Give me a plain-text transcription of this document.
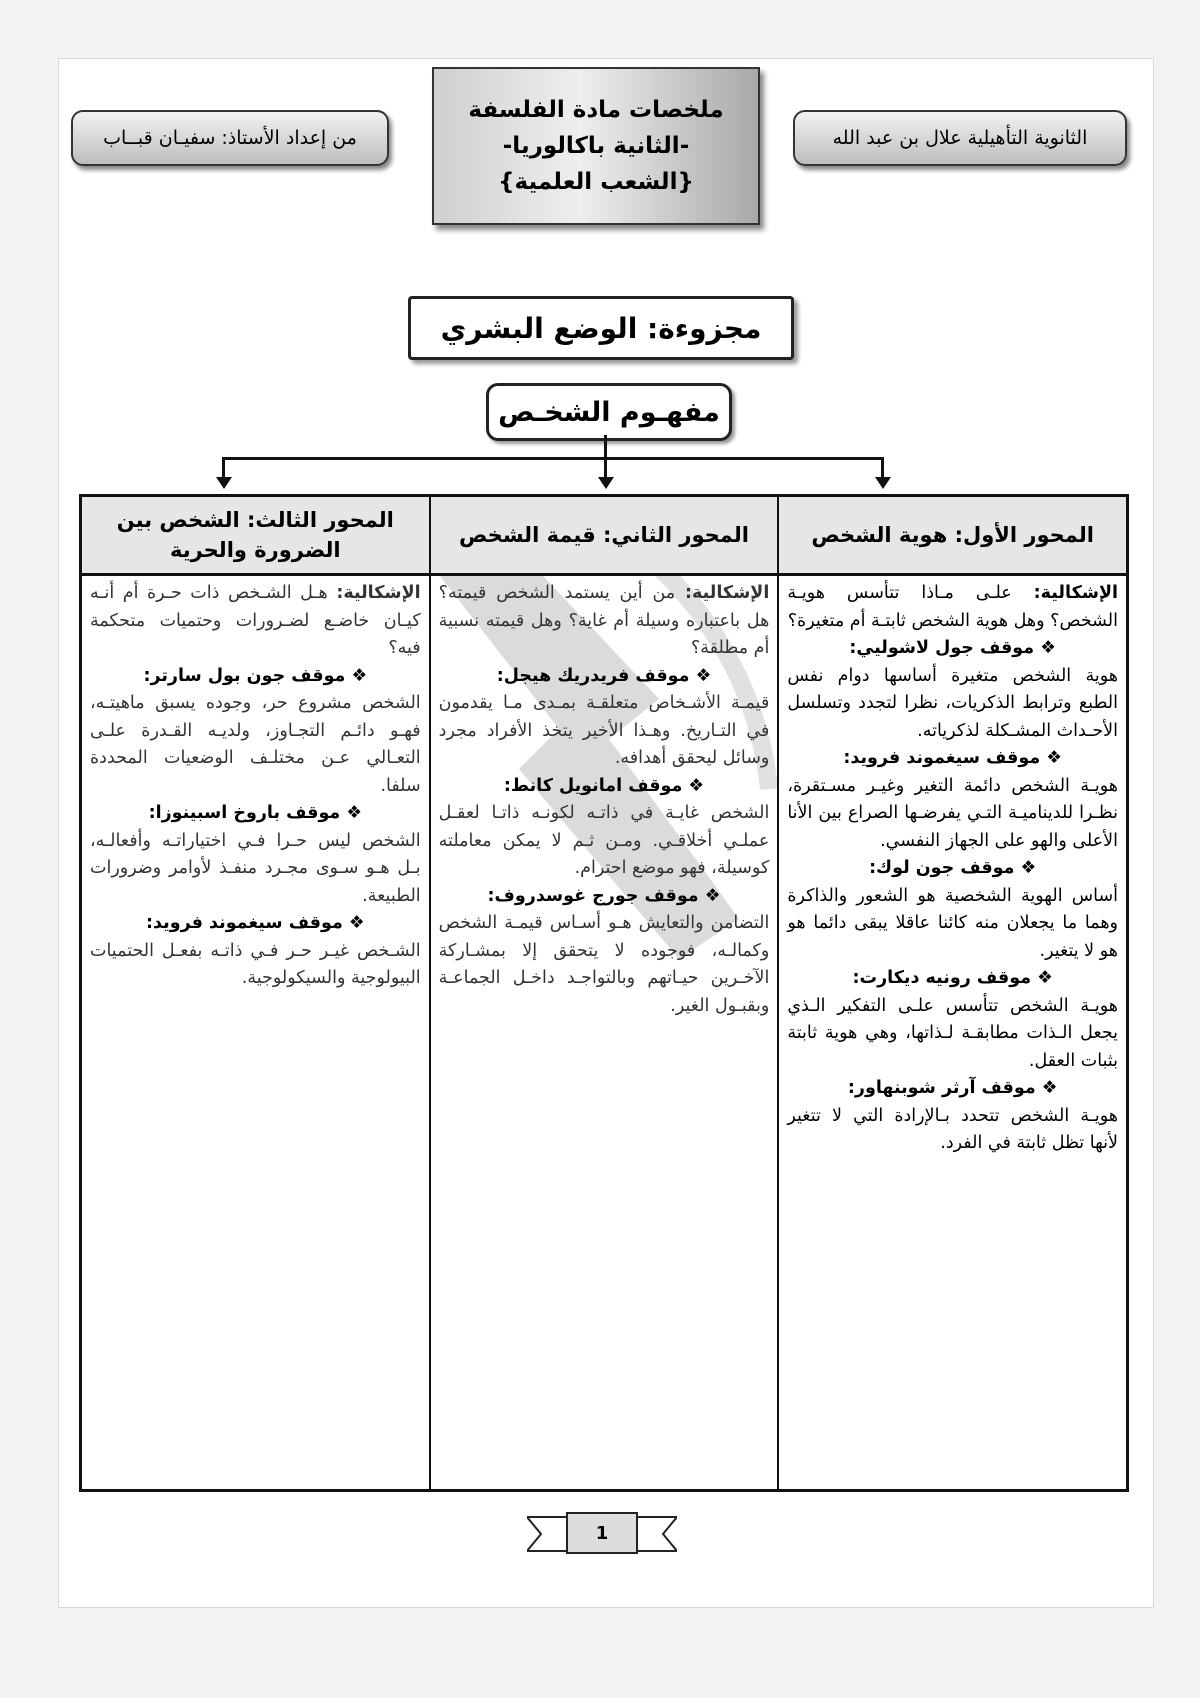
الثانوية التأهيلية علال بن عبد الله
من إعداد الأستاذ: سفيـان قبــاب
ملخصات مادة الفلسفة
-الثانية باكالوريا-
{الشعب العلمية}
مجزوءة: الوضع البشري
مفهـوم الشخـص
المحور الأول: هوية الشخص

الإشكالية: علـى مـاذا تتأسس هويـة الشخص؟ وهل هوية الشخص ثابتـة أم متغيرة؟

❖ موقف جول لاشوليي:

هوية الشخص متغيرة أساسها دوام نفس الطبع وترابط الذكريات، نظرا لتجدد وتسلسل الأحـداث المشـكلة لذكرياته.

❖ موقف سيغموند فرويد:

هويـة الشخص دائمة التغير وغيـر مسـتقرة، نظـرا للديناميـة التـي يفرضـها الصراع بين الأنا الأعلى والهو على الجهاز النفسي.

❖ موقف جون لوك:

أساس الهوية الشخصية هو الشعور والذاكرة وهما ما يجعلان منه كائنا عاقلا يبقى دائما هو هو لا يتغير.

❖ موقف رونيه ديكارت:

هويـة الشخص تتأسس علـى التفكير الـذي يجعل الـذات مطابقـة لـذاتها، وهي هوية ثابتة بثبات العقل.

❖ موقف آرثر شوبنهاور:

هويـة الشخص تتحدد بـالإرادة التي لا تتغير لأنها تظل ثابتة في الفرد.

المحور الثاني: قيمة الشخص

الإشكالية: من أين يستمد الشخص قيمته؟ هل باعتباره وسيلة أم غاية؟ وهل قيمته نسبية أم مطلقة؟

❖ موقف فريدريك هيجل:

قيمـة الأشـخاص متعلقـة بمـدى مـا يقدمون في التـاريخ. وهـذا الأخير يتخذ الأفراد مجرد وسائل ليحقق أهدافه.

❖ موقف امانويل كانط:

الشخص غايـة في ذاتـه لكونـه ذاتـا لعقـل عملـي أخلاقـي. ومـن ثـم لا يمكن معاملته كوسيلة، فهو موضع احترام.

❖ موقف جورج غوسدروف:

التضامن والتعايش هـو أسـاس قيمـة الشخص وكمالـه، فوجوده لا يتحقق إلا بمشـاركة الآخـرين حيـاتهم وبالتواجـد داخـل الجماعـة وبقبـول الغير.

المحور الثالث: الشخص بين الضرورة والحرية

الإشكالية: هـل الشـخص ذات حـرة أم أنـه كيـان خاضـع لضـرورات وحتميات متحكمة فيه؟

❖ موقف جون بول سارتر:

الشخص مشروع حر، وجوده يسبق ماهيتـه، فهـو دائـم التجـاوز، ولديـه القـدرة علـى التعـالي عـن مختلـف الوضعيات المحددة سلفا.

❖ موقف باروخ اسبينوزا:

الشخص ليس حـرا فـي اختياراتـه وأفعالـه، بـل هـو سـوى مجـرد منفـذ لأوامر وضرورات الطبيعة.

❖ موقف سيغموند فرويد:

الشـخص غيـر حـر فـي ذاتـه بفعـل الحتميات البيولوجية والسيكولوجية.

1
